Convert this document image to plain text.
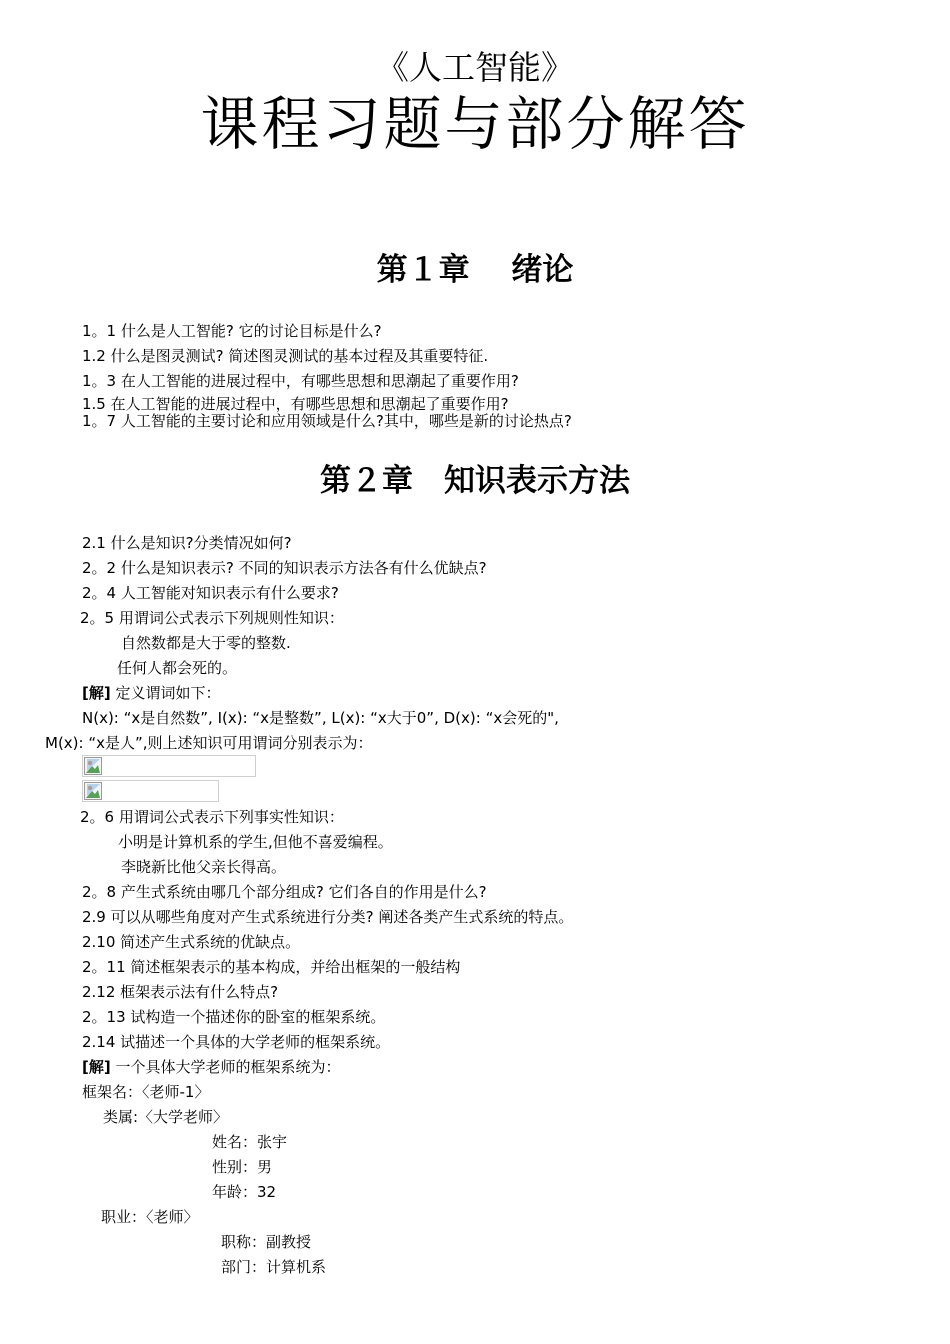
《人工智能》
课程习题与部分解答
第１章　 绪论
1。1 什么是人工智能? 它的讨论目标是什么?
1.2 什么是图灵测试? 简述图灵测试的基本过程及其重要特征.
1。3 在人工智能的进展过程中，有哪些思想和思潮起了重要作用?
1.5 在人工智能的进展过程中，有哪些思想和思潮起了重要作用?
1。7 人工智能的主要讨论和应用领域是什么?其中，哪些是新的讨论热点?
第２章　知识表示方法
2.1 什么是知识?分类情况如何?
2。2 什么是知识表示? 不同的知识表示方法各有什么优缺点?
2。4 人工智能对知识表示有什么要求?
2。5 用谓词公式表示下列规则性知识：
自然数都是大于零的整数.
任何人都会死的。
[解] 定义谓词如下：
N(x): “x是自然数”, I(x): “x是整数”, L(x): “x大于0”, D(x): “x会死的",
M(x): “x是人”,则上述知识可用谓词分别表示为：
2。6 用谓词公式表示下列事实性知识：
小明是计算机系的学生,但他不喜爱编程。
李晓新比他父亲长得高。
2。8 产生式系统由哪几个部分组成? 它们各自的作用是什么?
2.9 可以从哪些角度对产生式系统进行分类? 阐述各类产生式系统的特点。
2.10 简述产生式系统的优缺点。
2。11 简述框架表示的基本构成，并给出框架的一般结构
2.12 框架表示法有什么特点?
2。13 试构造一个描述你的卧室的框架系统。
2.14 试描述一个具体的大学老师的框架系统。
[解] 一个具体大学老师的框架系统为：
框架名：〈老师-1〉
类属:〈大学老师〉
姓名：张宇
性别：男
年龄：32
职业：〈老师〉
职称：副教授
部门：计算机系
